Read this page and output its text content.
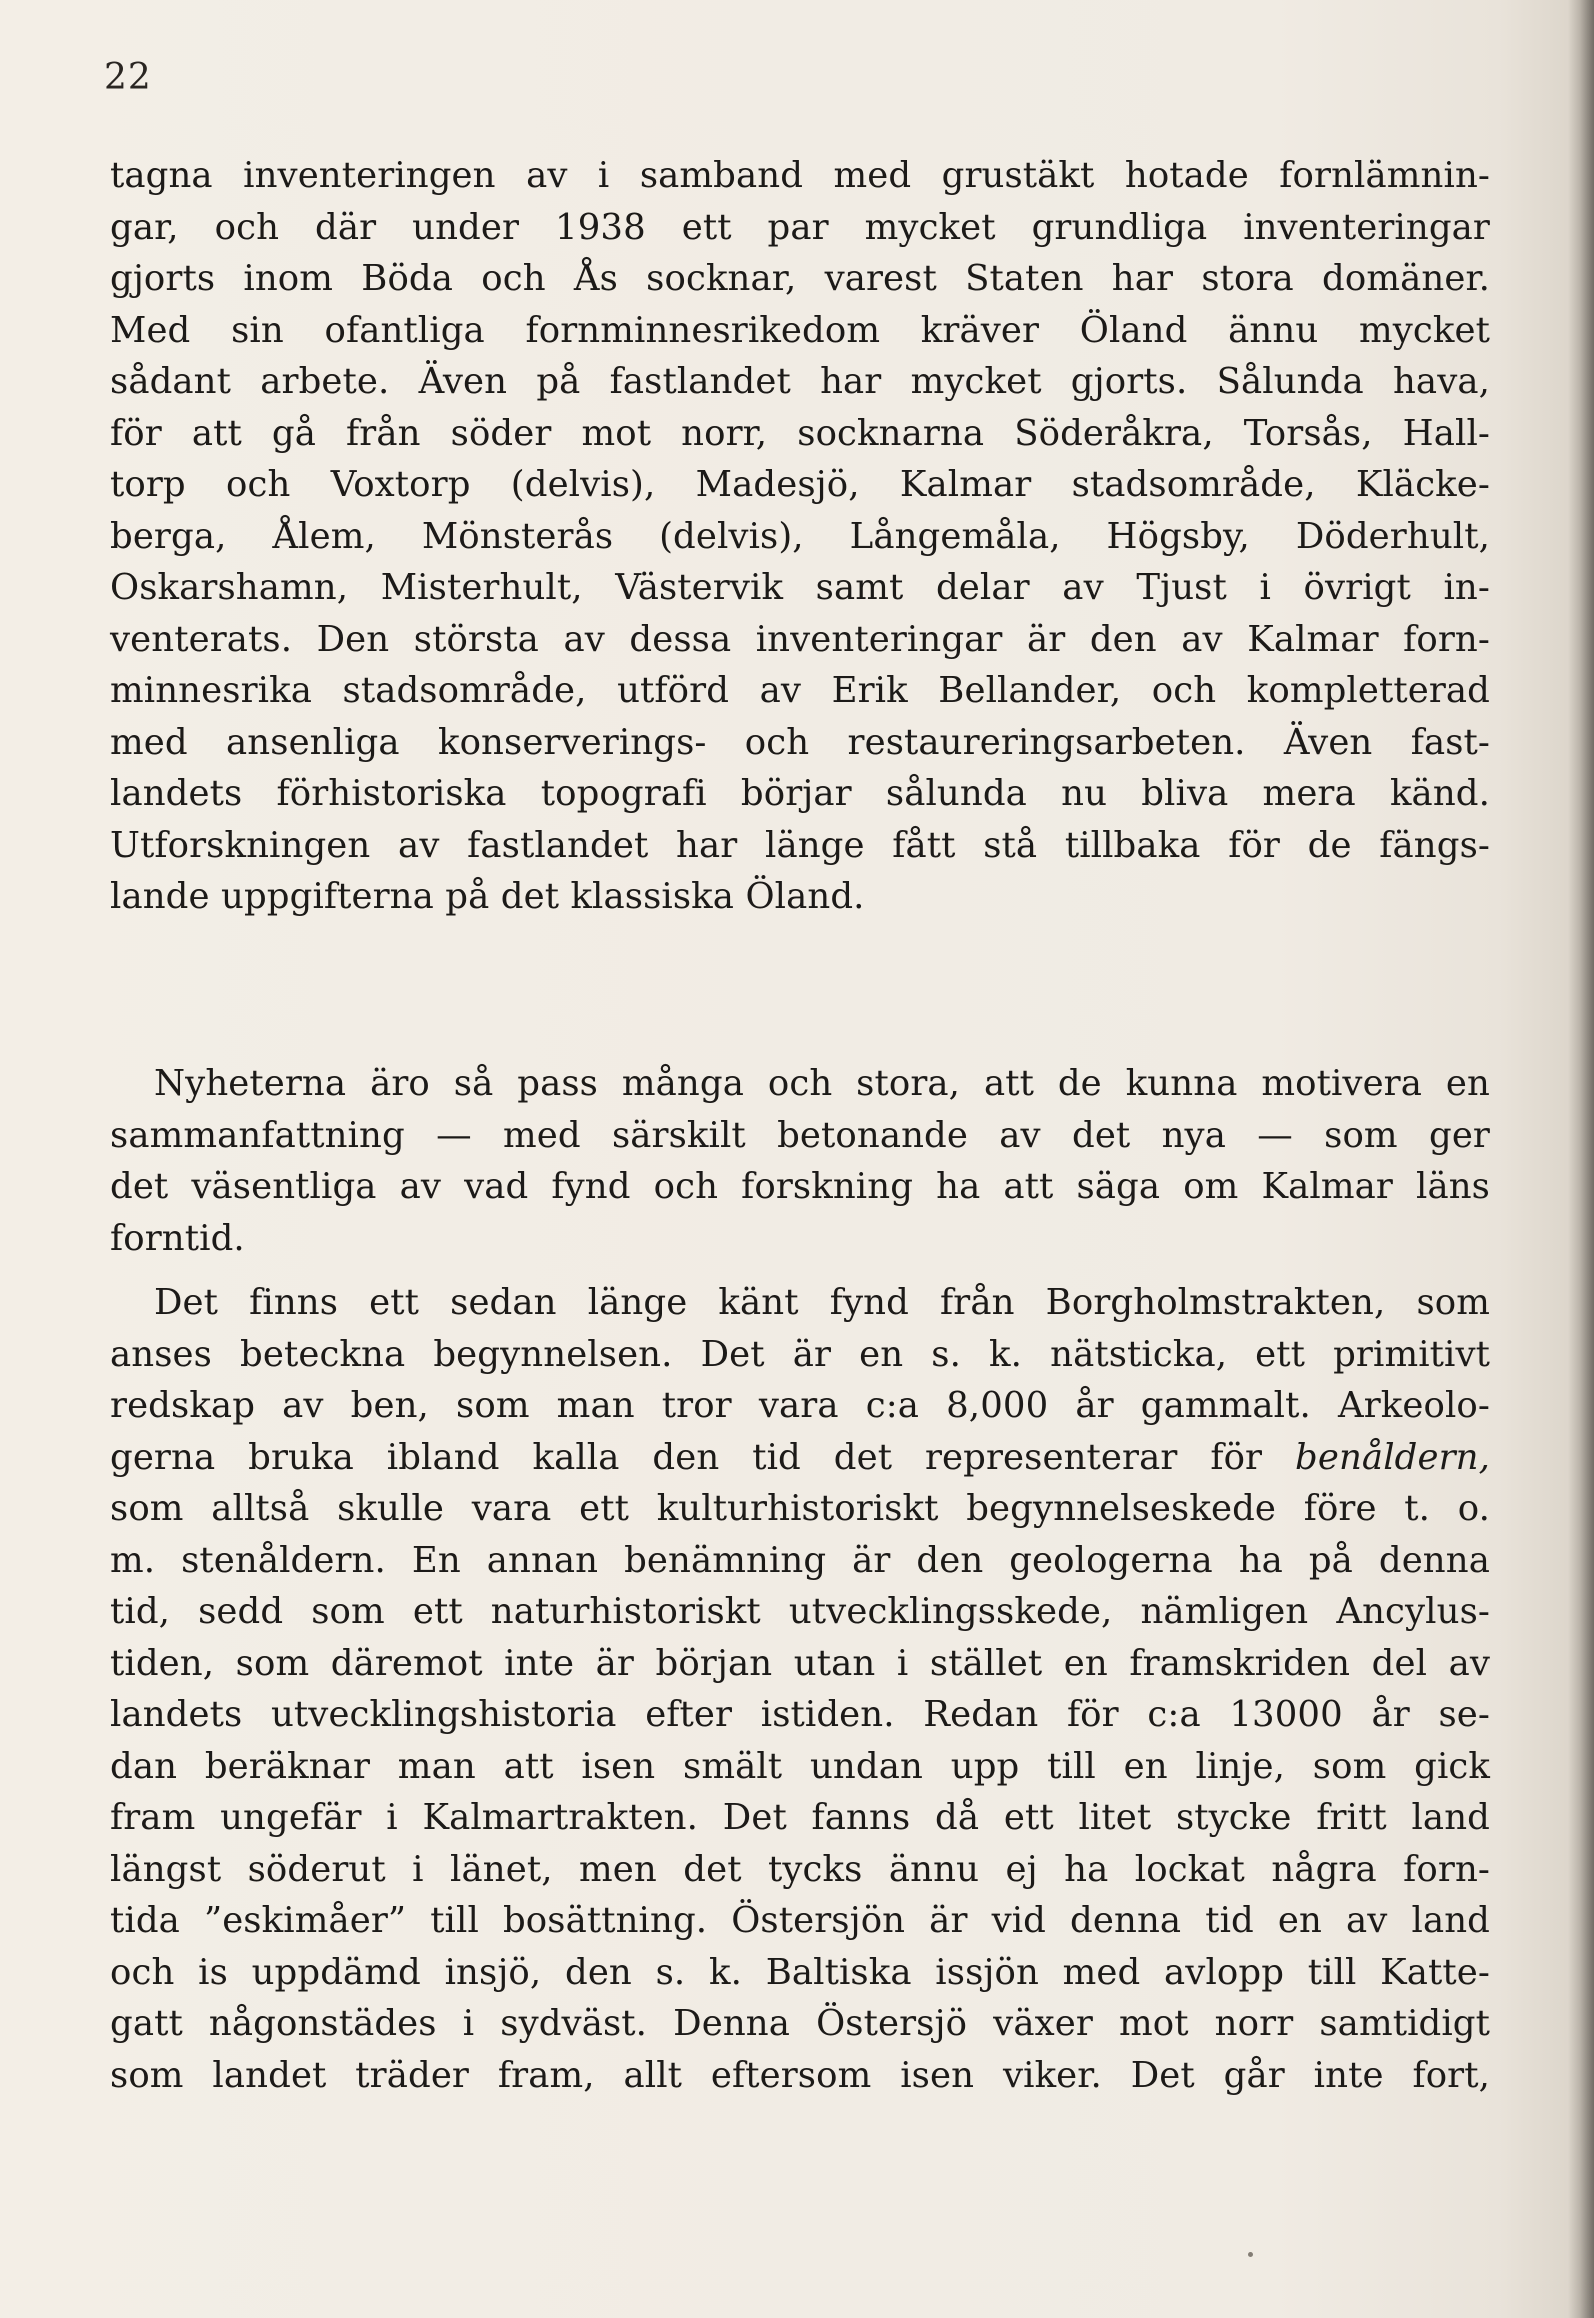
22
tagna inventeringen av i samband med grustäkt hotade fornlämnin-
gar, och där under 1938 ett par mycket grundliga inventeringar
gjorts inom Böda och Ås socknar, varest Staten har stora domäner.
Med sin ofantliga fornminnesrikedom kräver Öland ännu mycket
sådant arbete. Även på fastlandet har mycket gjorts. Sålunda hava,
för att gå från söder mot norr, socknarna Söderåkra, Torsås, Hall-
torp och Voxtorp (delvis), Madesjö, Kalmar stadsområde, Kläcke-
berga, Ålem, Mönsterås (delvis), Långemåla, Högsby, Döderhult,
Oskarshamn, Misterhult, Västervik samt delar av Tjust i övrigt in-
venterats. Den största av dessa inventeringar är den av Kalmar forn-
minnesrika stadsområde, utförd av Erik Bellander, och kompletterad
med ansenliga konserverings- och restaureringsarbeten. Även fast-
landets förhistoriska topografi börjar sålunda nu bliva mera känd.
Utforskningen av fastlandet har länge fått stå tillbaka för de fängs-
lande uppgifterna på det klassiska Öland.
Nyheterna äro så pass många och stora, att de kunna motivera en
sammanfattning — med särskilt betonande av det nya — som ger
det väsentliga av vad fynd och forskning ha att säga om Kalmar läns
forntid.
Det finns ett sedan länge känt fynd från Borgholmstrakten, som
anses beteckna begynnelsen. Det är en s. k. nätsticka, ett primitivt
redskap av ben, som man tror vara c:a 8,000 år gammalt. Arkeolo-
gerna bruka ibland kalla den tid det representerar för benåldern,
som alltså skulle vara ett kulturhistoriskt begynnelseskede före t. o.
m. stenåldern. En annan benämning är den geologerna ha på denna
tid, sedd som ett naturhistoriskt utvecklingsskede, nämligen Ancylus-
tiden, som däremot inte är början utan i stället en framskriden del av
landets utvecklingshistoria efter istiden. Redan för c:a 13000 år se-
dan beräknar man att isen smält undan upp till en linje, som gick
fram ungefär i Kalmartrakten. Det fanns då ett litet stycke fritt land
längst söderut i länet, men det tycks ännu ej ha lockat några forn-
tida ”eskimåer” till bosättning. Östersjön är vid denna tid en av land
och is uppdämd insjö, den s. k. Baltiska issjön med avlopp till Katte-
gatt någonstädes i sydväst. Denna Östersjö växer mot norr samtidigt
som landet träder fram, allt eftersom isen viker. Det går inte fort,
